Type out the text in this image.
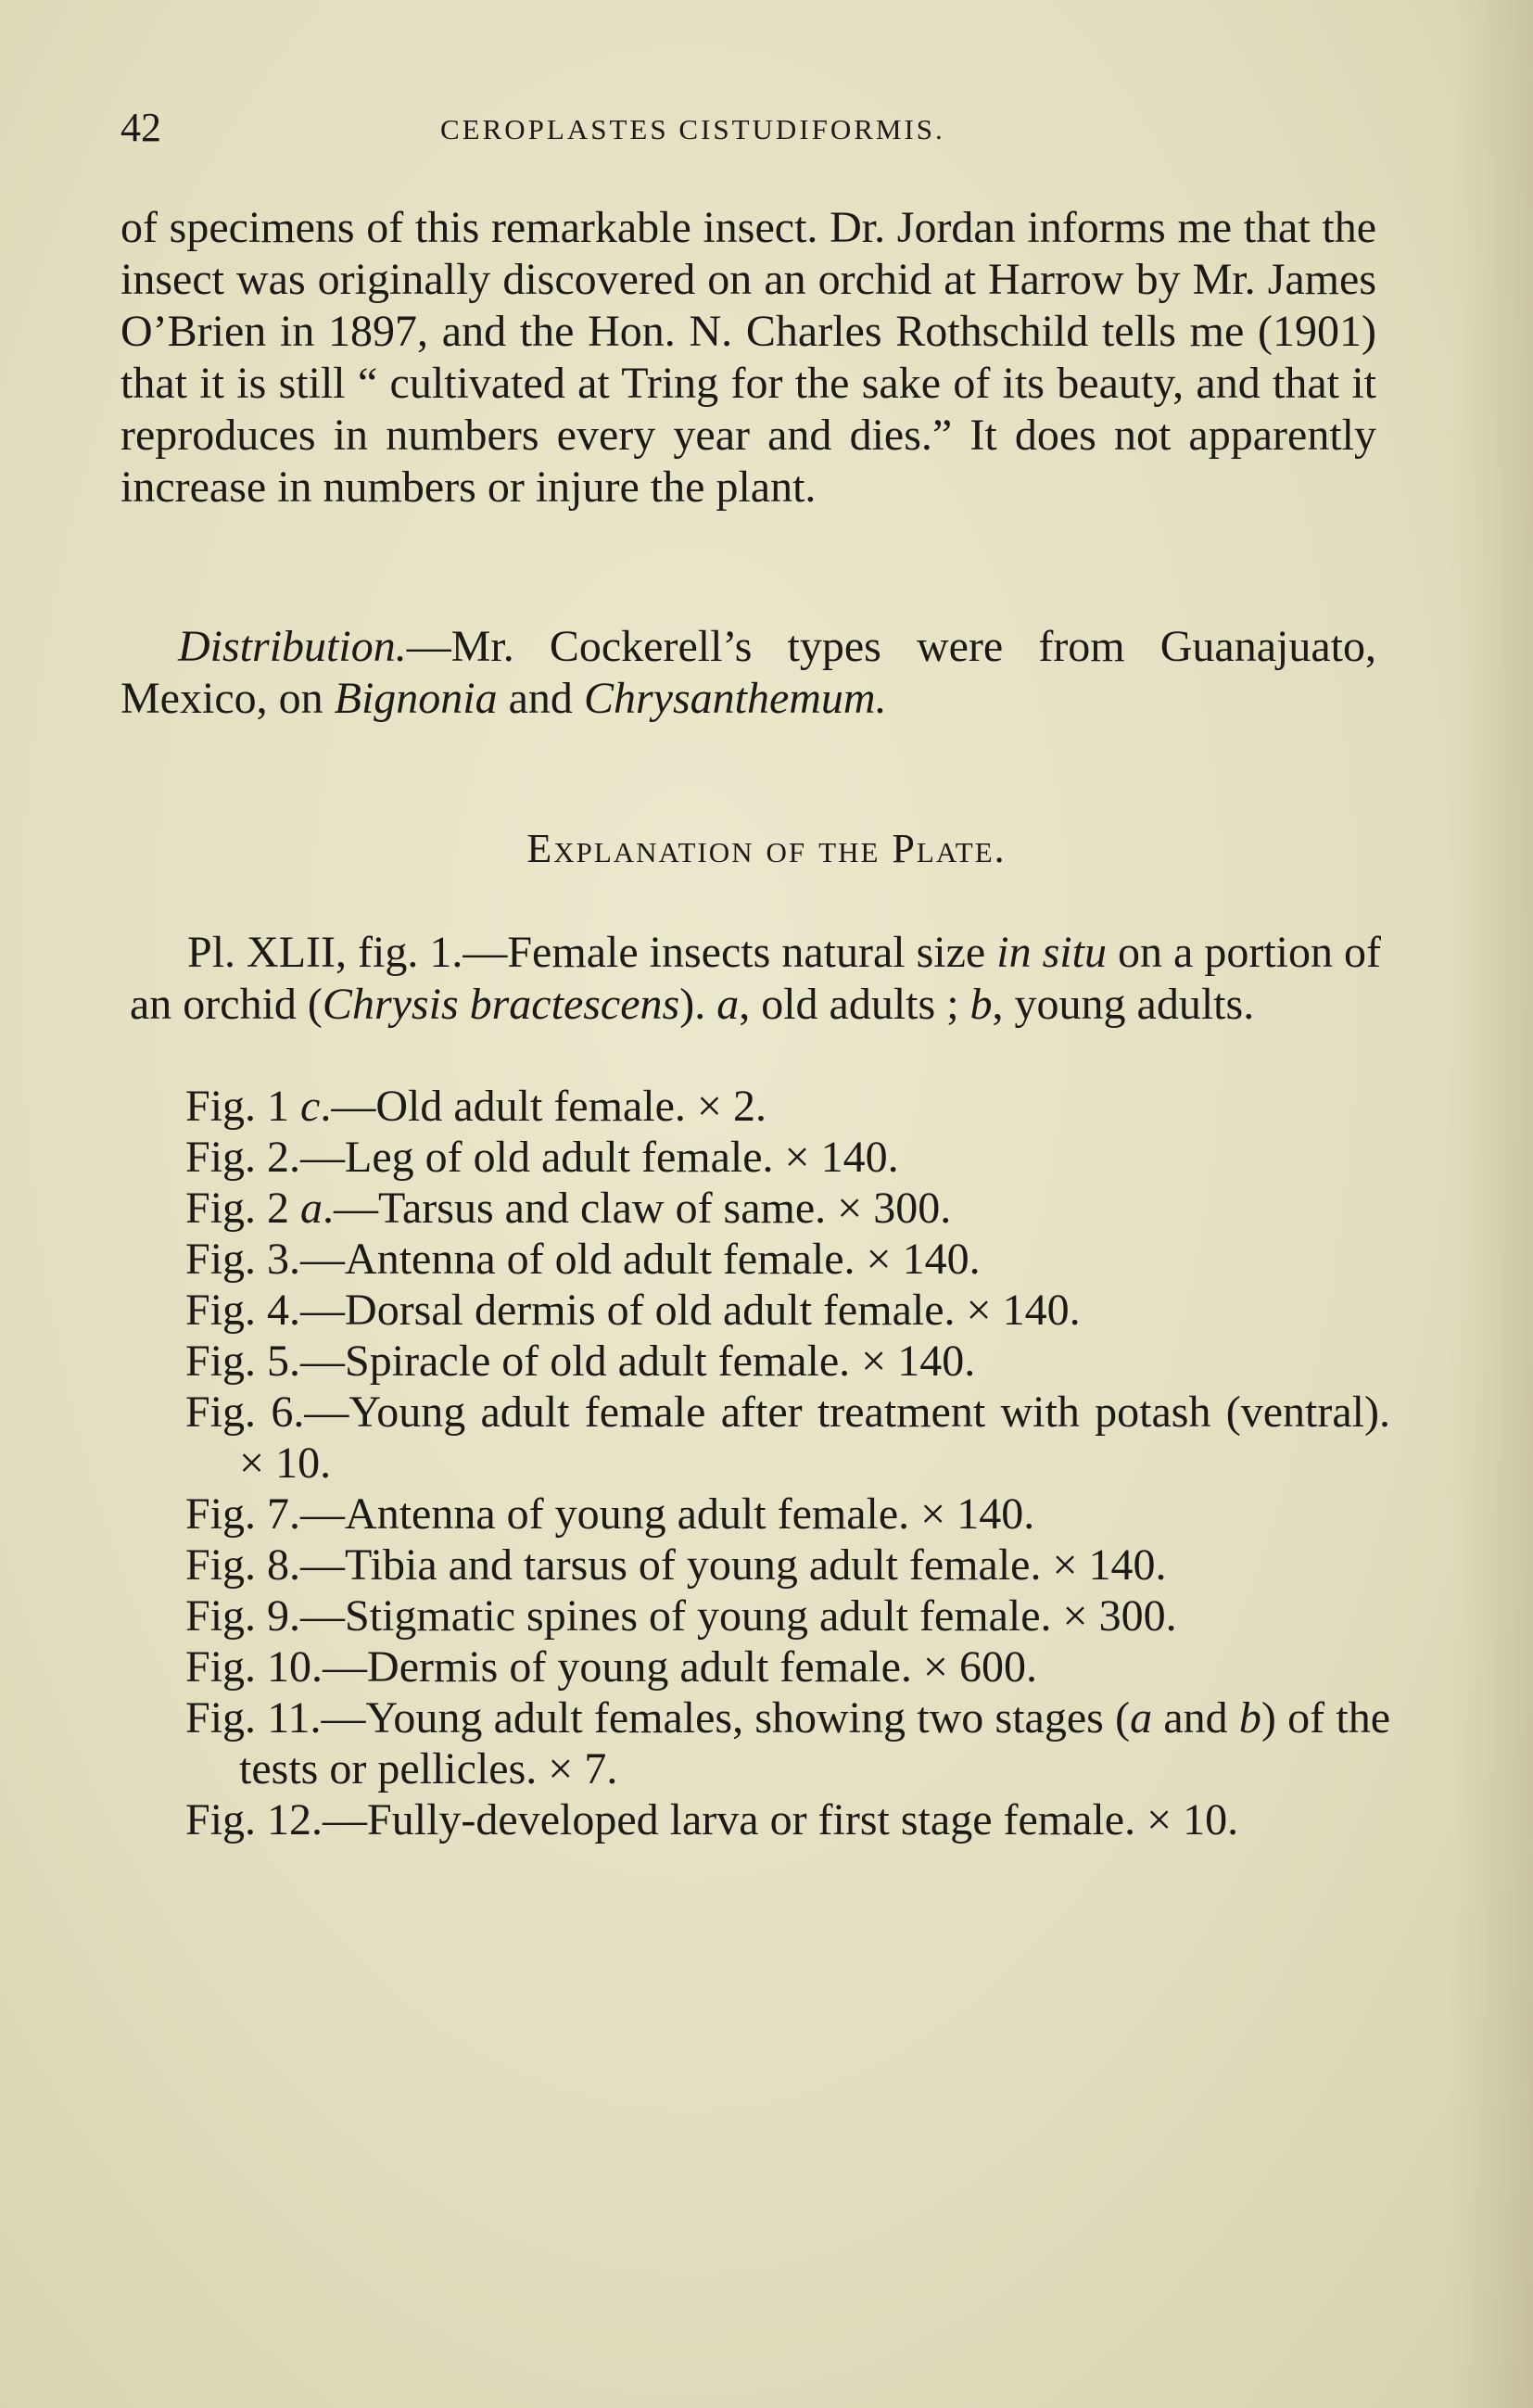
42	CEROPLASTES CISTUDIFORMIS.
of specimens of this remarkable insect. Dr. Jordan informs me that the insect was originally discovered on an orchid at Harrow by Mr. James O’Brien in 1897, and the Hon. N. Charles Rothschild tells me (1901) that it is still “ cultivated at Tring for the sake of its beauty, and that it reproduces in numbers every year and dies.” It does not apparently increase in numbers or injure the plant.
Distribution.—Mr. Cockerell’s types were from Guanajuato, Mexico, on Bignonia and Chrysanthemum.
Explanation of the Plate.
Pl. XLII, fig. 1.—Female insects natural size in situ on a portion of an orchid (Chrysis bractescens). a, old adults ; b, young adults.
Fig. 1 c.—Old adult female. × 2.
Fig. 2.—Leg of old adult female. × 140.
Fig. 2 a.—Tarsus and claw of same. × 300.
Fig. 3.—Antenna of old adult female. × 140.
Fig. 4.—Dorsal dermis of old adult female. × 140.
Fig. 5.—Spiracle of old adult female. × 140.
Fig. 6.—Young adult female after treatment with potash (ventral). × 10.
Fig. 7.—Antenna of young adult female. × 140.
Fig. 8.—Tibia and tarsus of young adult female. × 140.
Fig. 9.—Stigmatic spines of young adult female. × 300.
Fig. 10.—Dermis of young adult female. × 600.
Fig. 11.—Young adult females, showing two stages (a and b) of the tests or pellicles. × 7.
Fig. 12.—Fully-developed larva or first stage female. × 10.
